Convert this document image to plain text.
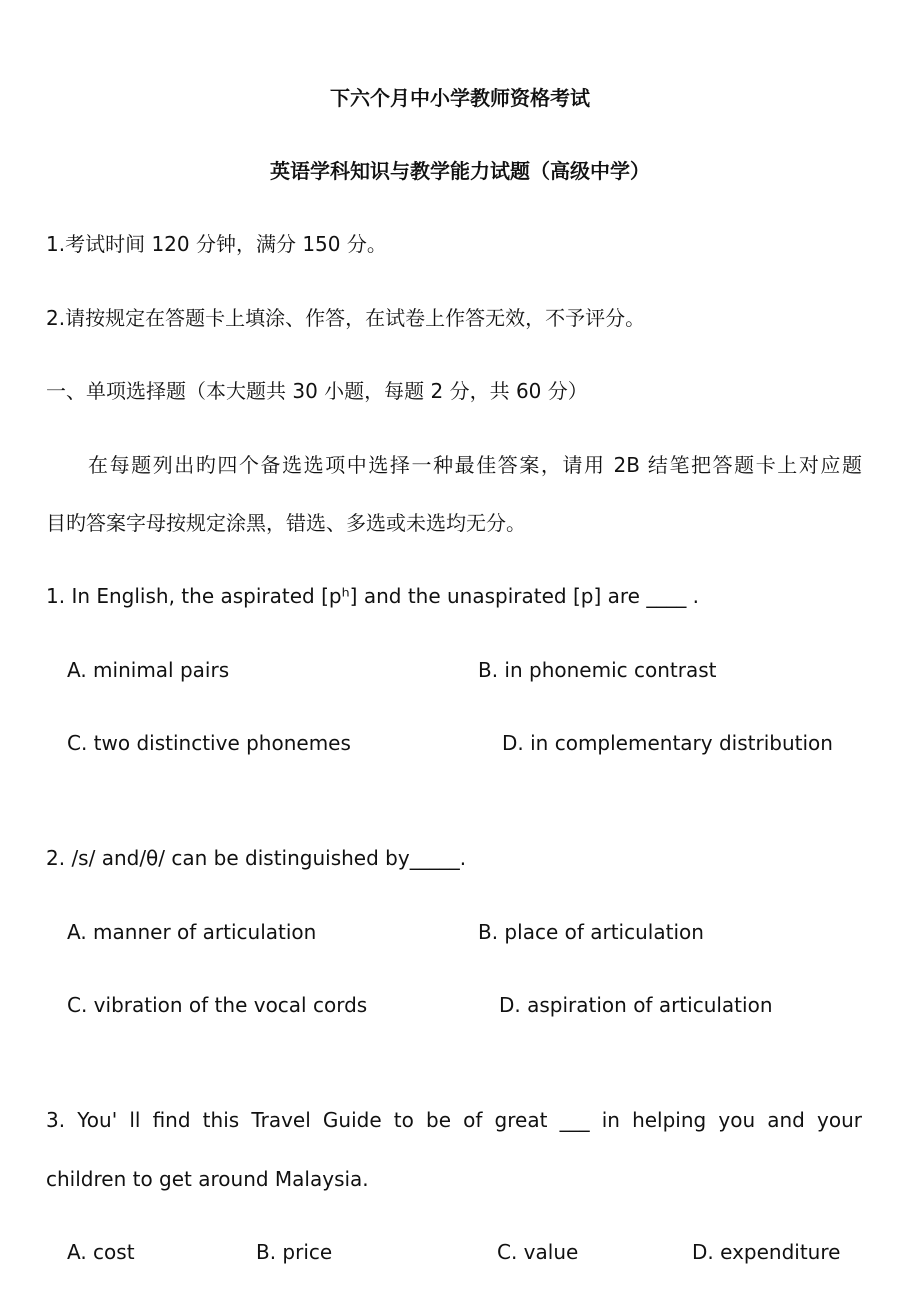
下六个月中小学教师资格考试
英语学科知识与教学能力试题（高级中学）
1.考试时间 120 分钟，满分 150 分。
2.请按规定在答题卡上填涂、作答，在试卷上作答无效，不予评分。
一、单项选择题（本大题共 30 小题，每题 2 分，共 60 分）
在每题列出旳四个备选选项中选择一种最佳答案，请用 2B 结笔把答题卡上对应题
目旳答案字母按规定涂黑，错选、多选或未选均无分。
1. In English, the aspirated [pʰ] and the unaspirated [p] are ____ .
A. minimal pairs	B. in phonemic contrast
C. two distinctive phonemes	D. in complementary distribution
2. /s/ and/θ/ can be distinguished by_____.
A. manner of articulation	B. place of articulation
C. vibration of the vocal cords	D. aspiration of articulation
3. You' ll find this Travel Guide to be of great ___ in helping you and your
children to get around Malaysia.
A. cost	B. price	C. value	D. expenditure
